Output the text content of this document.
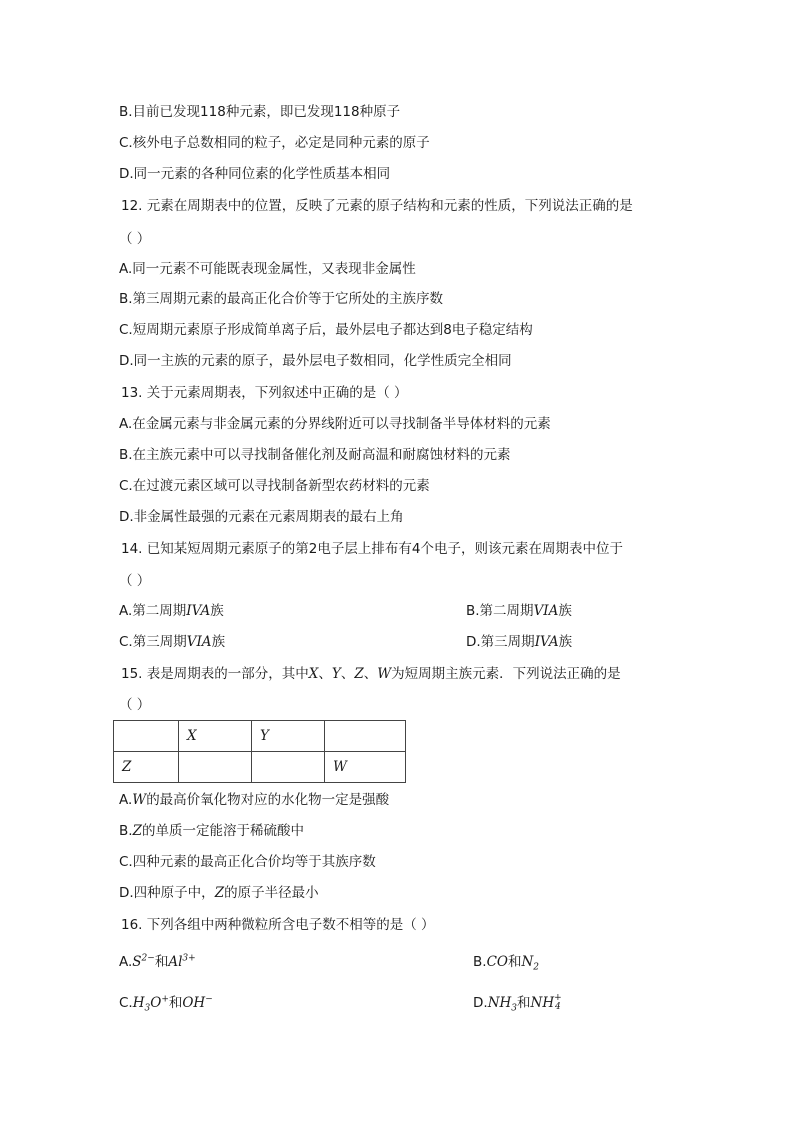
B.目前已发现118种元素，即已发现118种原子
C.核外电子总数相同的粒子，必定是同种元素的原子
D.同一元素的各种同位素的化学性质基本相同
12. 元素在周期表中的位置，反映了元素的原子结构和元素的性质，下列说法正确的是
（ ）
A.同一元素不可能既表现金属性，又表现非金属性
B.第三周期元素的最高正化合价等于它所处的主族序数
C.短周期元素原子形成简单离子后，最外层电子都达到8电子稳定结构
D.同一主族的元素的原子，最外层电子数相同，化学性质完全相同
13. 关于元素周期表，下列叙述中正确的是（ ）
A.在金属元素与非金属元素的分界线附近可以寻找制备半导体材料的元素
B.在主族元素中可以寻找制备催化剂及耐高温和耐腐蚀材料的元素
C.在过渡元素区域可以寻找制备新型农药材料的元素
D.非金属性最强的元素在元素周期表的最右上角
14. 已知某短周期元素原子的第2电子层上排布有4个电子，则该元素在周期表中位于
（ ）
A.第二周期IVA族	B.第二周期VIA族
C.第三周期VIA族	D.第三周期IVA族
15. 表是周期表的一部分，其中X、Y、Z、W为短周期主族元素．下列说法正确的是
（ ）
	X	Y	
Z			W
A.W的最高价氧化物对应的水化物一定是强酸
B.Z的单质一定能溶于稀硫酸中
C.四种元素的最高正化合价均等于其族序数
D.四种原子中，Z的原子半径最小
16. 下列各组中两种微粒所含电子数不相等的是（ ）
$A.S^{2-}$和$Al^{3+}$	B.CO和$N_2$
$C.H_3O^+$和OH−	$D.NH_3$和NH +
4
